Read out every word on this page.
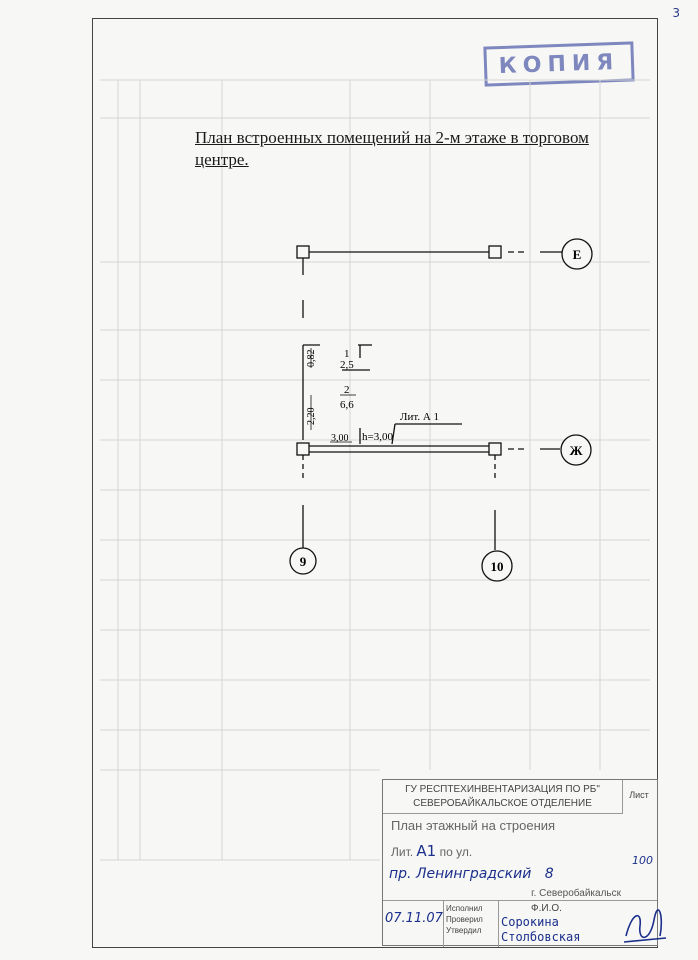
3
КОПИЯ
План встроенных помещений на 2-м этаже в торговом
центре.
Е
Ж
9	10
0,82
2,20
3,00 h=3,00
1
2,5
2
6,6
Лит. А 1
ГУ РЕСПТЕХИНВЕНТАРИЗАЦИЯ ПО РБ" СЕВЕРОБАЙКАЛЬСКОЕ ОТДЕЛЕНИЕ
Лист
План этажный на строения
Лит. А1 по ул.
пр. Ленинградский 8
г. Северобайкальск
100
07.11.07
Исполнил
Проверил
Утвердил
Ф.И.О.
Сорокина
Столбовская
